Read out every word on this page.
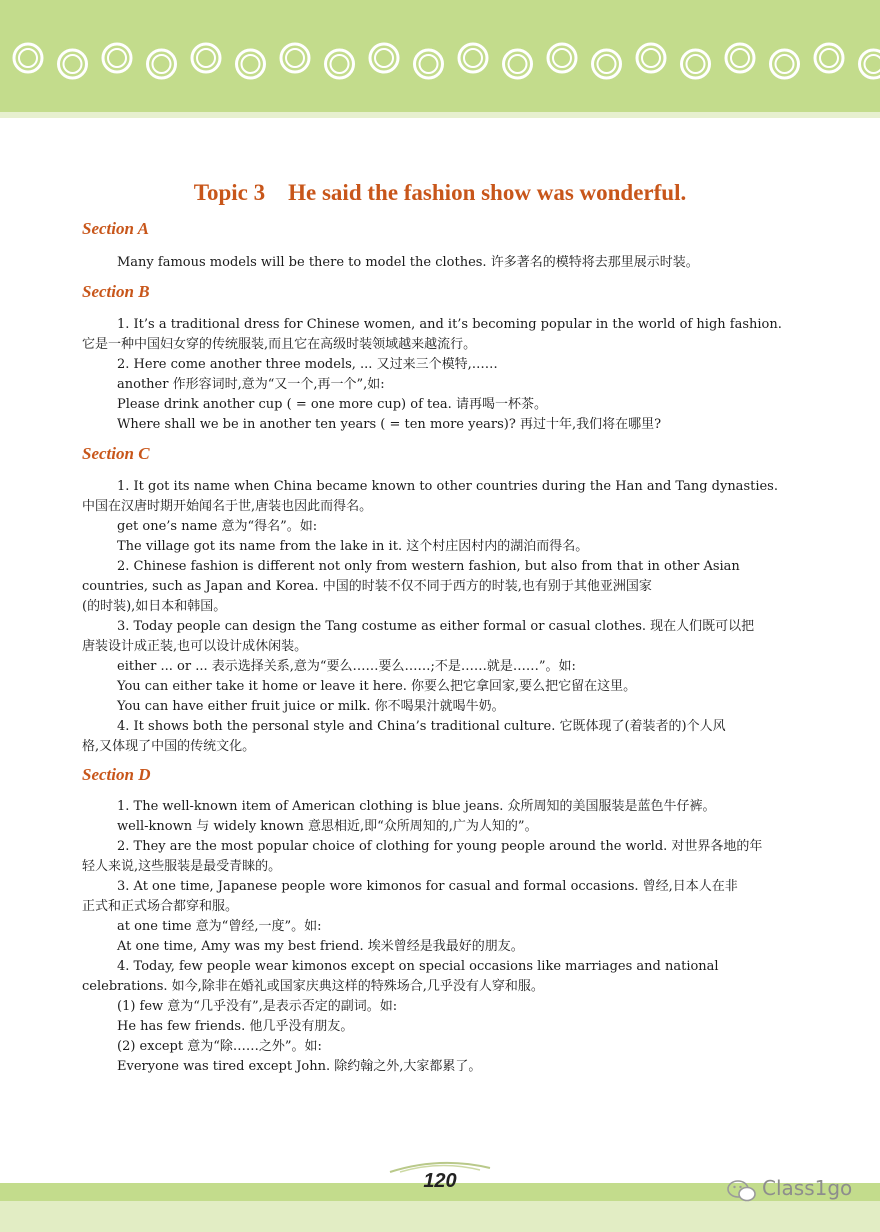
Topic 3    He said the fashion show was wonderful.
Section A
Many famous models will be there to model the clothes. 许多著名的模特将去那里展示时装。
Section B
1. It’s a traditional dress for Chinese women, and it’s becoming popular in the world of high fashion.
它是一种中国妇女穿的传统服装,而且它在高级时装领域越来越流行。
2. Here come another three models, ... 又过来三个模特,……
another 作形容词时,意为“又一个,再一个”,如:
Please drink another cup ( = one more cup) of tea. 请再喝一杯茶。
Where shall we be in another ten years ( = ten more years)? 再过十年,我们将在哪里?
Section C
1. It got its name when China became known to other countries during the Han and Tang dynasties.
中国在汉唐时期开始闻名于世,唐装也因此而得名。
get one’s name 意为“得名”。如:
The village got its name from the lake in it. 这个村庄因村内的湖泊而得名。
2. Chinese fashion is different not only from western fashion, but also from that in other Asian
countries, such as Japan and Korea. 中国的时装不仅不同于西方的时装,也有别于其他亚洲国家
(的时装),如日本和韩国。
3. Today people can design the Tang costume as either formal or casual clothes. 现在人们既可以把
唐装设计成正装,也可以设计成休闲装。
either ... or ... 表示选择关系,意为“要么……要么……;不是……就是……”。如:
You can either take it home or leave it here. 你要么把它拿回家,要么把它留在这里。
You can have either fruit juice or milk. 你不喝果汁就喝牛奶。
4. It shows both the personal style and China’s traditional culture. 它既体现了(着装者的)个人风
格,又体现了中国的传统文化。
Section D
1. The well-known item of American clothing is blue jeans. 众所周知的美国服装是蓝色牛仔裤。
well-known 与 widely known 意思相近,即“众所周知的,广为人知的”。
2. They are the most popular choice of clothing for young people around the world. 对世界各地的年
轻人来说,这些服装是最受青睐的。
3. At one time, Japanese people wore kimonos for casual and formal occasions. 曾经,日本人在非
正式和正式场合都穿和服。
at one time 意为“曾经,一度”。如:
At one time, Amy was my best friend. 埃米曾经是我最好的朋友。
4. Today, few people wear kimonos except on special occasions like marriages and national
celebrations. 如今,除非在婚礼或国家庆典这样的特殊场合,几乎没有人穿和服。
(1) few 意为“几乎没有”,是表示否定的副词。如:
He has few friends. 他几乎没有朋友。
(2) except 意为“除……之外”。如:
Everyone was tired except John. 除约翰之外,大家都累了。
120	Class1go
